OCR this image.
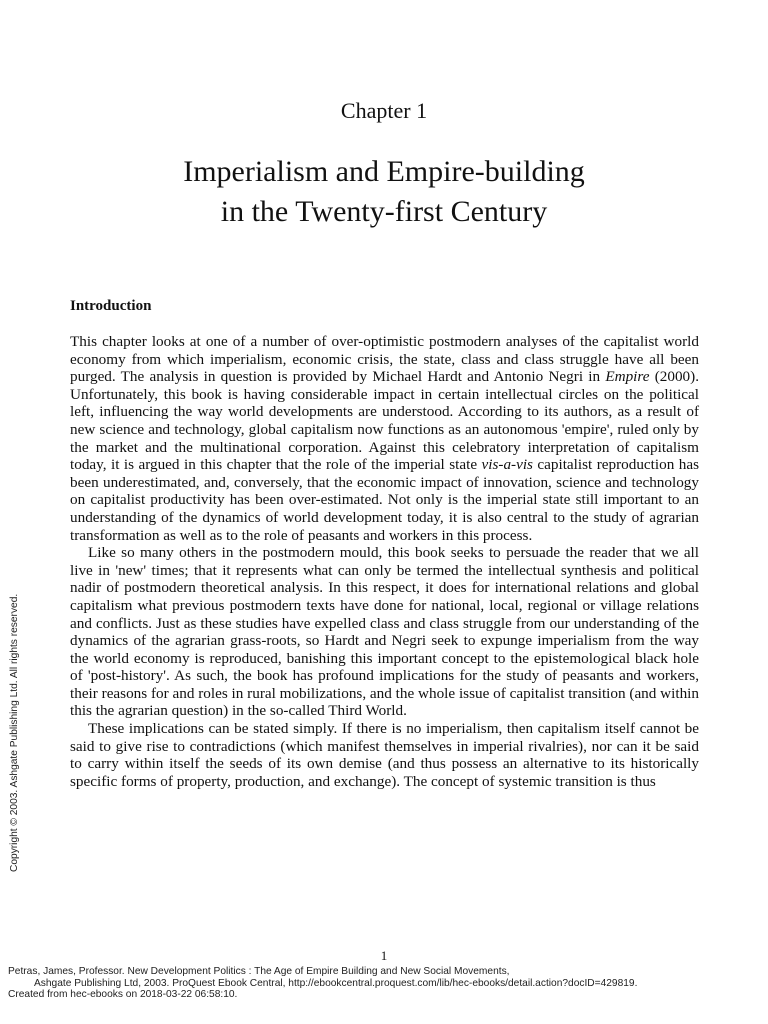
Chapter 1
Imperialism and Empire-building
in the Twenty-first Century
Introduction

This chapter looks at one of a number of over-optimistic postmodern analyses of the capitalist world economy from which imperialism, economic crisis, the state, class and class struggle have all been purged. The analysis in question is provided by Michael Hardt and Antonio Negri in Empire (2000). Unfortunately, this book is having considerable impact in certain intellectual circles on the political left, influencing the way world developments are understood. According to its authors, as a result of new science and technology, global capitalism now functions as an autonomous 'empire', ruled only by the market and the multinational corporation. Against this celebratory interpretation of capitalism today, it is argued in this chapter that the role of the imperial state vis-a-vis capitalist reproduction has been underestimated, and, conversely, that the economic impact of innovation, science and technology on capitalist productivity has been over-estimated. Not only is the imperial state still important to an understanding of the dynamics of world development today, it is also central to the study of agrarian transformation as well as to the role of peasants and workers in this process.

Like so many others in the postmodern mould, this book seeks to persuade the reader that we all live in 'new' times; that it represents what can only be termed the intellectual synthesis and political nadir of postmodern theoretical analysis. In this respect, it does for international relations and global capitalism what previous postmodern texts have done for national, local, regional or village relations and conflicts. Just as these studies have expelled class and class struggle from our understanding of the dynamics of the agrarian grass-roots, so Hardt and Negri seek to expunge imperialism from the way the world economy is reproduced, banishing this important concept to the epistemological black hole of 'post-history'. As such, the book has profound implications for the study of peasants and workers, their reasons for and roles in rural mobilizations, and the whole issue of capitalist transition (and within this the agrarian question) in the so-called Third World.

These implications can be stated simply. If there is no imperialism, then capitalism itself cannot be said to give rise to contradictions (which manifest themselves in imperial rivalries), nor can it be said to carry within itself the seeds of its own demise (and thus possess an alternative to its historically specific forms of property, production, and exchange). The concept of systemic transition is thus

1
Petras, James, Professor. New Development Politics : The Age of Empire Building and New Social Movements,
Ashgate Publishing Ltd, 2003. ProQuest Ebook Central, http://ebookcentral.proquest.com/lib/hec-ebooks/detail.action?docID=429819.
Created from hec-ebooks on 2018-03-22 06:58:10.
Copyright © 2003. Ashgate Publishing Ltd. All rights reserved.
